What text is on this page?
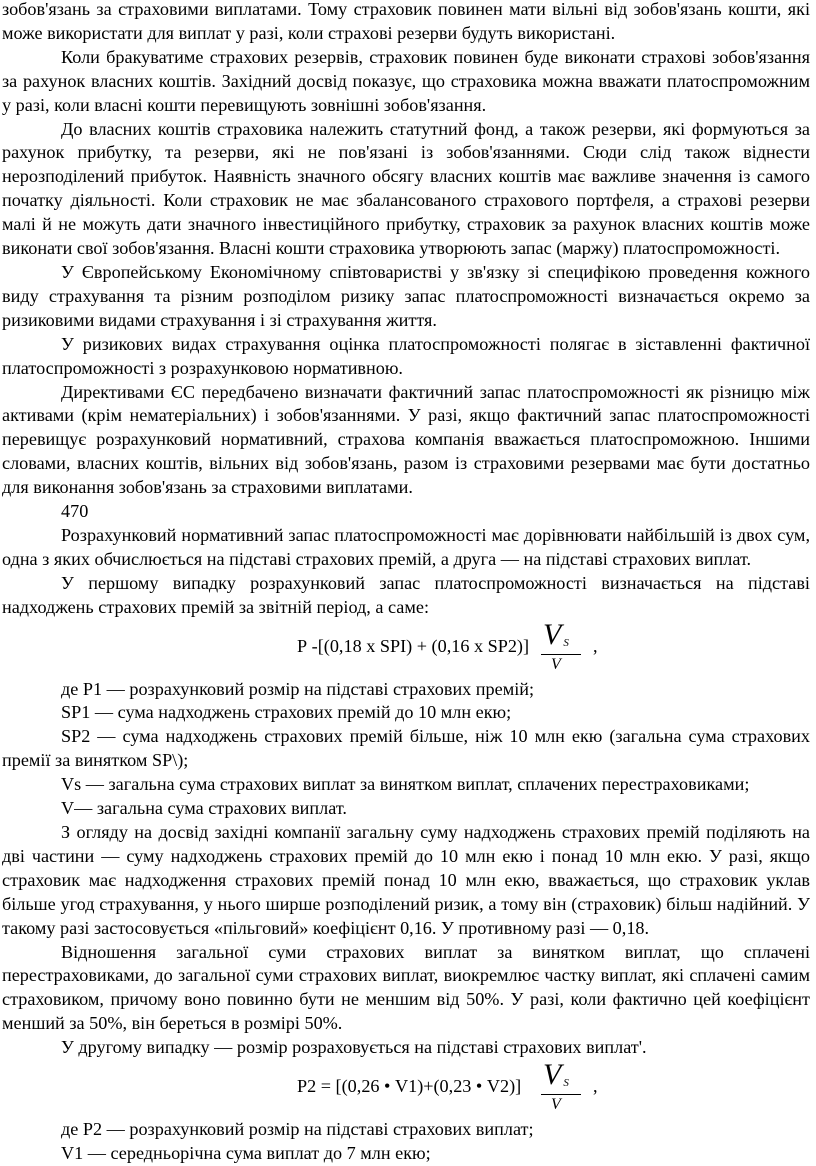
зобов'язань за страховими виплатами. Тому страховик повинен мати вільні від зобов'язань кошти, які може використати для виплат у разі, коли страхові резерви будуть використані.

Коли бракуватиме страхових резервів, страховик повинен буде виконати страхові зобов'язання за рахунок власних коштів. Західний досвід показує, що страховика можна вважати платоспроможним у разі, коли власні кошти перевищують зовнішні зобов'язання.

До власних коштів страховика належить статутний фонд, а також резерви, які формуються за рахунок прибутку, та резерви, які не пов'язані із зобов'язаннями. Сюди слід також віднести нерозподілений прибуток. Наявність значного обсягу власних коштів має важливе значення із самого початку діяльності. Коли страховик не має збалансованого страхового портфеля, а страхові резерви малі й не можуть дати значного інвестиційного прибутку, страховик за рахунок власних коштів може виконати свої зобов'язання. Власні кошти страховика утворюють запас (маржу) платоспроможності.

У Європейському Економічному співтоваристві у зв'язку зі специфікою проведення кожного виду страхування та різним розподілом ризику запас платоспроможності визначається окремо за ризиковими видами страхування і зі страхування життя.

У ризикових видах страхування оцінка платоспроможності полягає в зіставленні фактичної платоспроможності з розрахунковою нормативною.

Директивами ЄС передбачено визначати фактичний запас платоспроможності як різницю між активами (крім нематеріальних) і зобов'язаннями. У разі, якщо фактичний запас платоспроможності перевищує розрахунковий нормативний, страхова компанія вважається платоспроможною. Іншими словами, власних коштів, вільних від зобов'язань, разом із страховими резервами має бути достатньо для виконання зобов'язань за страховими виплатами.

470

Розрахунковий нормативний запас платоспроможності має дорівнювати найбільшій із двох сум, одна з яких обчислюється на підставі страхових премій, а друга — на підставі страхових виплат.

У першому випадку розрахунковий запас платоспроможності визначається на підставі надходжень страхових премій за звітній період, а саме:

Р -[(0,18 х SPI) + (0,16 х SP2)] V $_S$
V
,

де Р1 — розрахунковий розмір на підставі страхових премій;

SP1 — сума надходжень страхових премій до 10 млн екю;

SP2 — сума надходжень страхових премій більше, ніж 10 млн екю (загальна сума страхових премії за винятком SP\);

Vs — загальна сума страхових виплат за винятком виплат, сплачених перестраховиками;

V— загальна сума страхових виплат.

З огляду на досвід західні компанії загальну суму надходжень страхових премій поділяють на дві частини — суму надходжень страхових премій до 10 млн екю і понад 10 млн екю. У разі, якщо страховик має надходження страхових премій понад 10 млн екю, вважається, що страховик уклав більше угод страхування, у нього ширше розподілений ризик, а тому він (страховик) більш надійний. У такому разі застосовується «пільговий» коефіцієнт 0,16. У противному разі — 0,18.

Відношення загальної суми страхових виплат за винятком виплат, що сплачені перестраховиками, до загальної суми страхових виплат, виокремлює частку виплат, які сплачені самим страховиком, причому воно повинно бути не меншим від 50%. У разі, коли фактично цей коефіцієнт менший за 50%, він береться в розмірі 50%.

У другому випадку — розмір розраховується на підставі страхових виплат'.

Р2 = [(0,26 • V1)+(0,23 • V2)] V $_S$
V
,

де Р2 — розрахунковий розмір на підставі страхових виплат;

V1 — середньорічна сума виплат до 7 млн екю;
